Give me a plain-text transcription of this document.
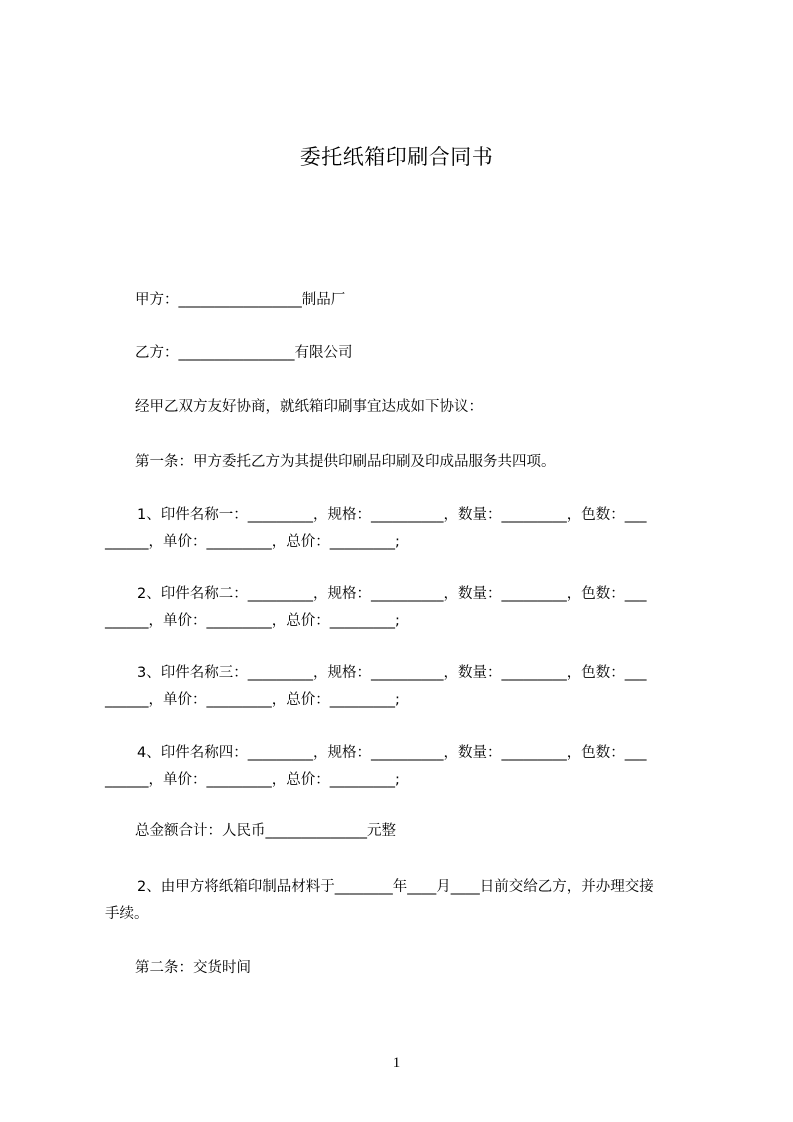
委托纸箱印刷合同书
甲方：_________________制品厂
乙方：________________有限公司
经甲乙双方友好协商，就纸箱印刷事宜达成如下协议：
第一条：甲方委托乙方为其提供印刷品印刷及印成品服务共四项。
1、印件名称一：_________，规格：__________，数量：_________，色数：___
______，单价：_________，总价：_________;
2、印件名称二：_________，规格：__________，数量：_________，色数：___
______，单价：_________，总价：_________;
3、印件名称三：_________，规格：__________，数量：_________，色数：___
______，单价：_________，总价：_________;
4、印件名称四：_________，规格：__________，数量：_________，色数：___
______，单价：_________，总价：_________;
总金额合计：人民币______________元整
2、由甲方将纸箱印制品材料于________年____月____日前交给乙方，并办理交接
手续。
第二条：交货时间
1
